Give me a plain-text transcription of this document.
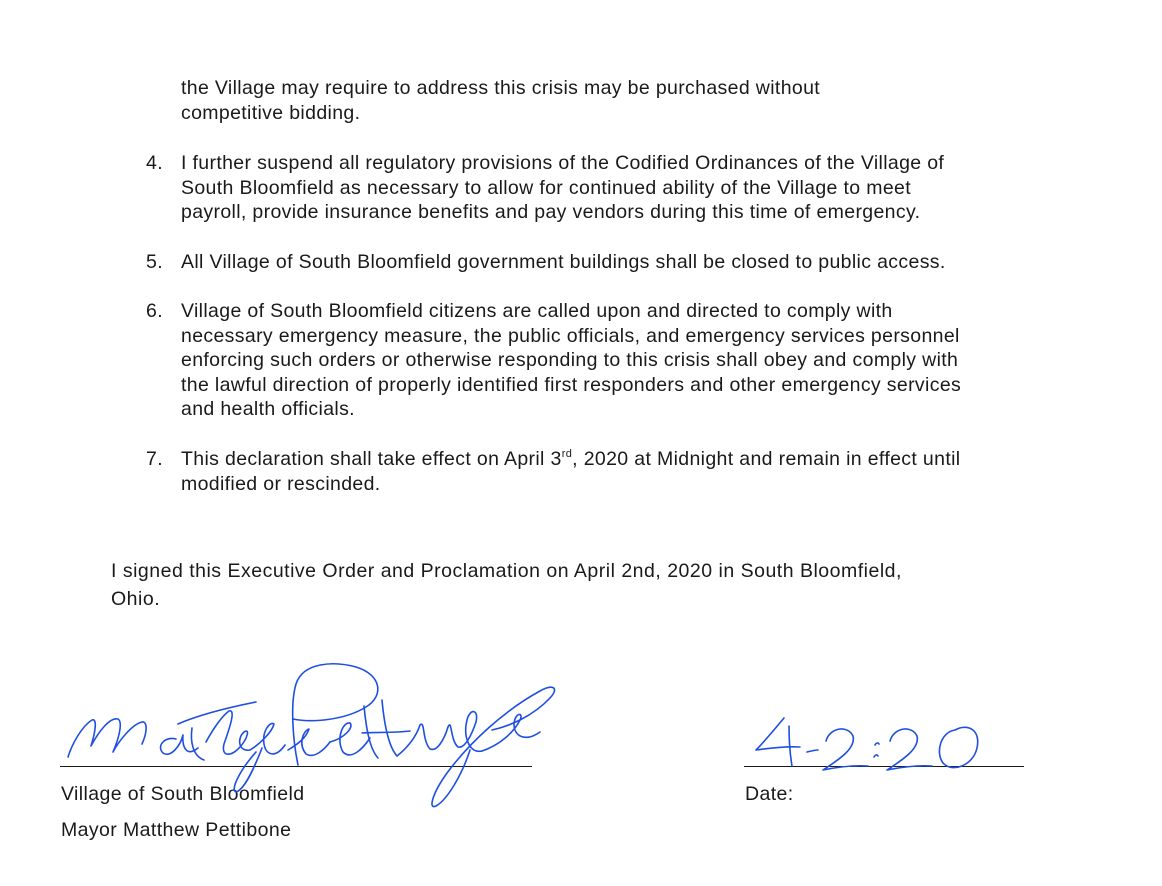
the Village may require to address this crisis may be purchased without
competitive bidding.
4. I further suspend all regulatory provisions of the Codified Ordinances of the Village of
South Bloomfield as necessary to allow for continued ability of the Village to meet
payroll, provide insurance benefits and pay vendors during this time of emergency.
5. All Village of South Bloomfield government buildings shall be closed to public access.
6. Village of South Bloomfield citizens are called upon and directed to comply with
necessary emergency measure, the public officials, and emergency services personnel
enforcing such orders or otherwise responding to this crisis shall obey and comply with
the lawful direction of properly identified first responders and other emergency services
and health officials.
7. This declaration shall take effect on April 3rd, 2020 at Midnight and remain in effect until
modified or rescinded.
I signed this Executive Order and Proclamation on April 2nd, 2020 in South Bloomfield,
Ohio.
Village of South Bloomfield
Mayor Matthew Pettibone
Date:
